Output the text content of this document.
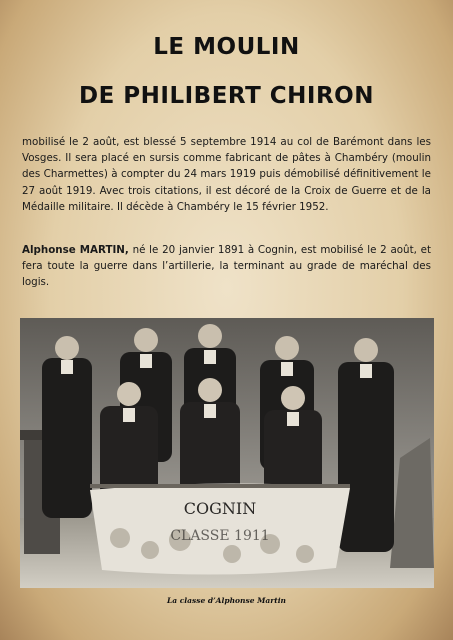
LE MOULIN
DE PHILIBERT CHIRON
mobilisé le 2 août, est blessé 5 septembre 1914 au col de Barémont dans les Vosges. Il sera placé en sursis comme fabricant de pâtes à Chambéry (moulin des Charmettes) à compter du 24 mars 1919 puis démobilisé définitivement le 27 août 1919. Avec trois citations, il est décoré de la Croix de Guerre et de la Médaille militaire. Il décède à Chambéry le 15 février 1952.
Alphonse MARTIN, né le 20 janvier 1891 à Cognin, est mobilisé le 2 août, et fera toute la guerre dans l’artillerie, la terminant au grade de maréchal des logis.
COGNIN
CLASSE 1911
La classe d’Alphonse Martin
